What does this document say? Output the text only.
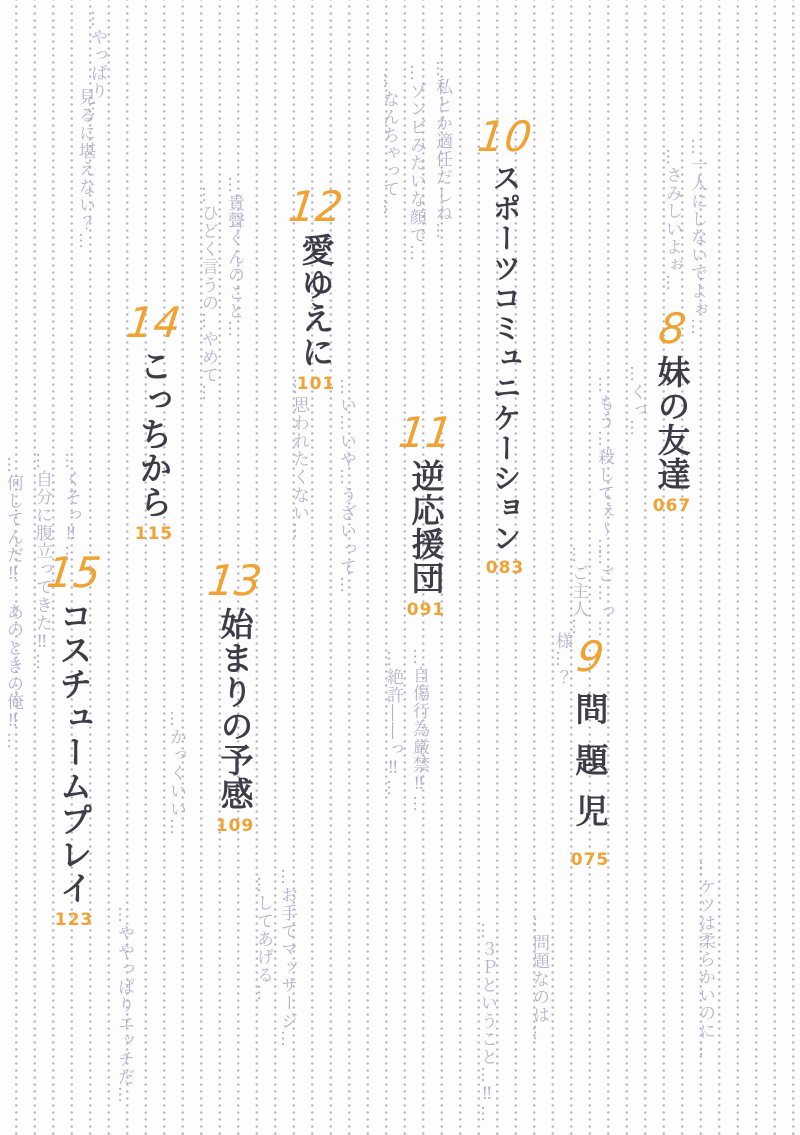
8
妹の友達
067
9
問題児
075
10
スポーツコミュニケーション
083
11
逆応援団
091
12
愛ゆえに
101
13
始まりの予感
109
14
こっちから
115
15
コスチュームプレイ
123
…一人にしないでよぉ…
…さみしいよぉ…
…くっ…
…もう…殺してぇ～…
…ご…っ…
…ご主人…
様…？
…私とか適任だしね…
…ゾンビみたいな顔で…
…なんちゃって…
…自傷行為厳禁‼…
…絶許――っ‼…
…い…いや…うざいって…
…思われたくない…
…貴聲くんのこと…
…ひどく言うの…やめて…
…かっくいい…
…お手てマッサージ…
…してあげる…
…やっぱり…
見るに堪えない？…
…くそっ‼…
…自分に腹立ってきた‼…
…何してんだ‼　あのときの俺‼…
…ややっぱりエッチだ…	…ケツは柔らかいのに…
…問題なのは…
…３Ｐということ…‼…
